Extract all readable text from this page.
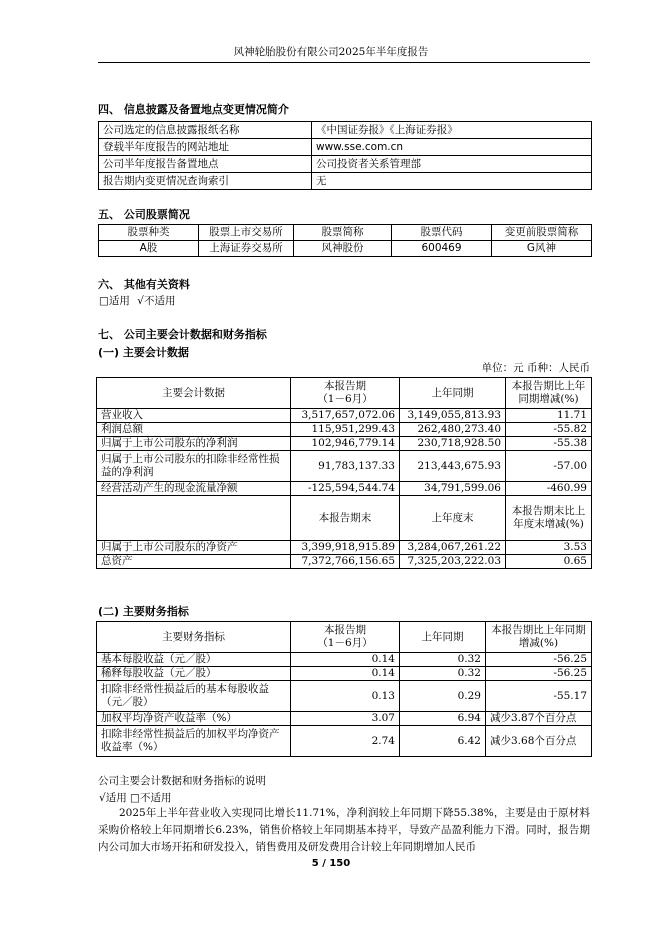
风神轮胎股份有限公司2025年半年度报告
四、 信息披露及备置地点变更情况简介
公司选定的信息披露报纸名称	《中国证券报》《上海证券报》
登载半年度报告的网站地址	www.sse.com.cn
公司半年度报告备置地点	公司投资者关系管理部
报告期内变更情况查询索引	无
五、 公司股票简况
股票种类	股票上市交易所	股票简称	股票代码	变更前股票简称
A股	上海证券交易所	风神股份	600469	G风神
六、 其他有关资料
□适用 √不适用
七、 公司主要会计数据和财务指标
(一) 主要会计数据
单位：元 币种：人民币
主要会计数据	本报告期
（1－6月）	上年同期	本报告期比上年同期增减(%)
营业收入	3,517,657,072.06	3,149,055,813.93	11.71
利润总额	115,951,299.43	262,480,273.40	-55.82
归属于上市公司股东的净利润	102,946,779.14	230,718,928.50	-55.38
归属于上市公司股东的扣除非经常性损益的净利润	91,783,137.33	213,443,675.93	-57.00
经营活动产生的现金流量净额	-125,594,544.74	34,791,599.06	-460.99
	本报告期末	上年度末	本报告期末比上年度末增减(%)
归属于上市公司股东的净资产	3,399,918,915.89	3,284,067,261.22	3.53
总资产	7,372,766,156.65	7,325,203,222.03	0.65
(二) 主要财务指标
主要财务指标	本报告期
（1－6月）	上年同期	本报告期比上年同期增减(%)
基本每股收益（元／股）	0.14	0.32	-56.25
稀释每股收益（元／股）	0.14	0.32	-56.25
扣除非经常性损益后的基本每股收益（元／股）	0.13	0.29	-55.17
加权平均净资产收益率（%）	3.07	6.94	减少3.87个百分点
扣除非经常性损益后的加权平均净资产收益率（%）	2.74	6.42	减少3.68个百分点
公司主要会计数据和财务指标的说明
√适用 □不适用
2025年上半年营业收入实现同比增长11.71%，净利润较上年同期下降55.38%，主要是由于原材料采购价格较上年同期增长6.23%，销售价格较上年同期基本持平，导致产品盈利能力下滑。同时，报告期内公司加大市场开拓和研发投入，销售费用及研发费用合计较上年同期增加人民币
5 / 150
